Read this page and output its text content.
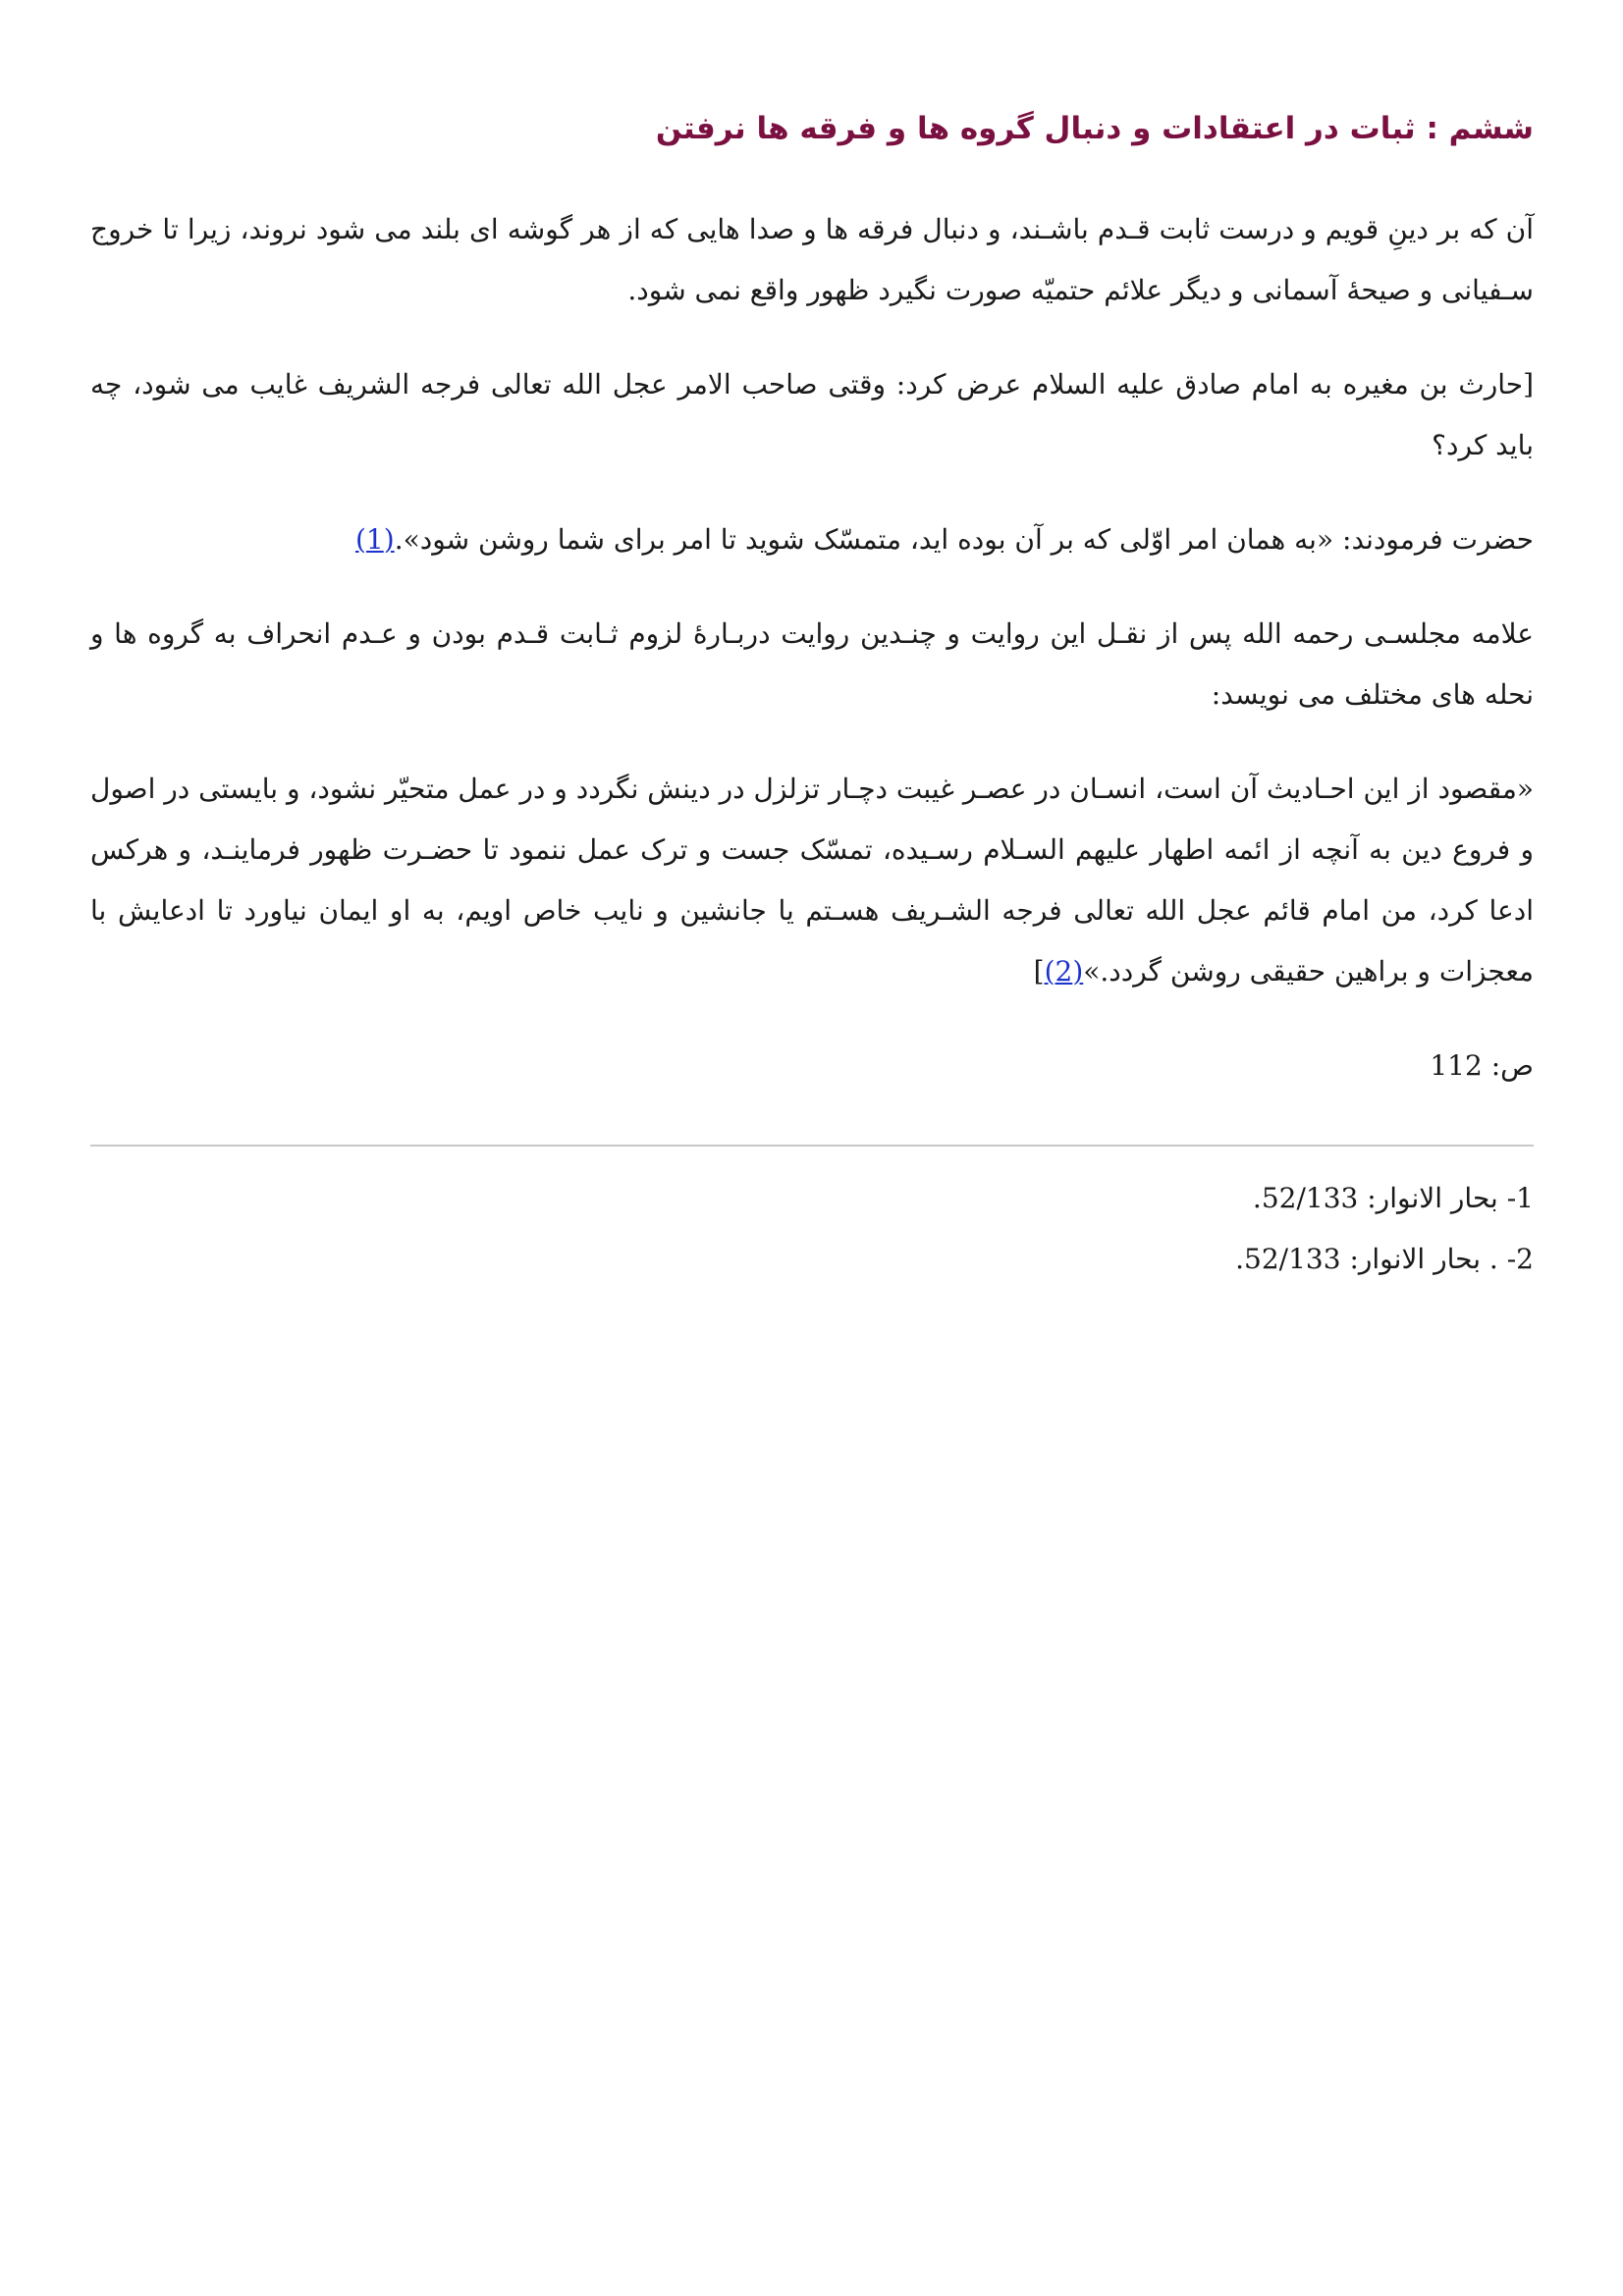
ششم : ثبات در اعتقادات و دنبال گروه ها و فرقه ها نرفتن

آن که بر دینِ قویم و درست ثابت قـدم باشـند، و دنبال فرقه ها و صدا هایی که از هر گوشه ای بلند می شود نروند، زیرا تا خروج سـفیانی و صیحهٔ آسمانی و دیگر علائم حتمیّه صورت نگیرد ظهور واقع نمی شود.

[حارث بن مغیره به امام صادق علیه السلام عرض کرد: وقتی صاحب الامر عجل الله تعالی فرجه الشریف غایب می شود، چه باید کرد؟

حضرت فرمودند: «به همان امر اوّلی که بر آن بوده اید، متمسّک شوید تا امر برای شما روشن شود».(1)

علا‌مه مجلسـی رحمه الله پس از نقـل این روایت و چنـدین روایت دربـارهٔ لزوم ثـابت قـدم بودن و عـدم انحراف به گروه ها و نحله های مختلف می نویسد:

«مقصود از این احـادیث آن است، انسـان در عصـر غیبت دچـار تزلزل در دینش نگردد و در عمل متحیّر نشود، و بایستی در اصول و فروع دین به آنچه از ائمه اطهار علیهم السـلام رسـیده، تمسّک جست و ترک عمل ننمود تا حضـرت ظهور فرماینـد، و هرکس ادعا کرد، من امام قائم عجل الله تعالی فرجه الشـریف هسـتم یا جانشین و نایب خاص اویم، به او ایمان نیاورد تا ادعایش با معجزات و براهین حقیقی روشن گردد.»(2)]

ص: 112
1- بحار الانوار: 52/133.
2- . بحار الانوار: 52/133.
